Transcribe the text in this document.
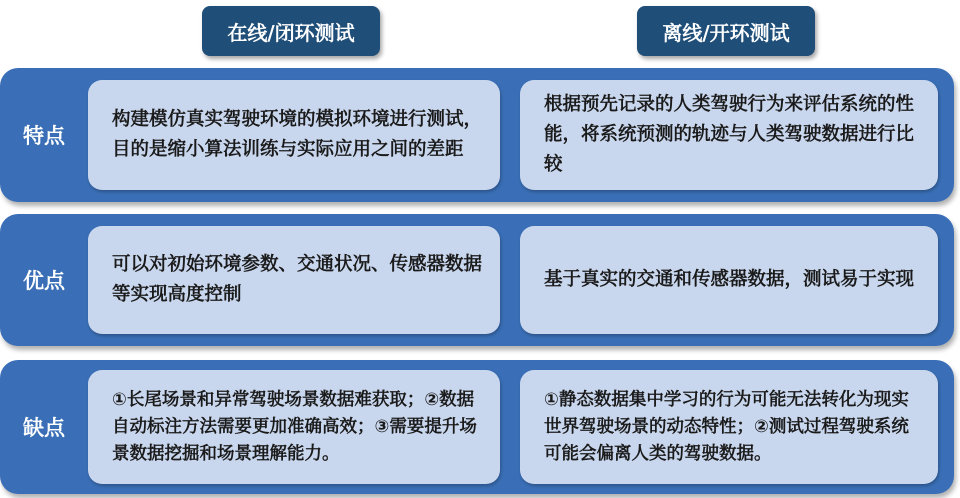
在线/闭环测试	离线/开环测试
特点
构建模仿真实驾驶环境的模拟环境进行测试，目的是缩小算法训练与实际应用之间的差距
根据预先记录的人类驾驶行为来评估系统的性能，将系统预测的轨迹与人类驾驶数据进行比较
优点
可以对初始环境参数、交通状况、传感器数据等实现高度控制
基于真实的交通和传感器数据，测试易于实现
缺点
①长尾场景和异常驾驶场景数据难获取；②数据自动标注方法需要更加准确高效；③需要提升场景数据挖掘和场景理解能力。
①静态数据集中学习的行为可能无法转化为现实世界驾驶场景的动态特性；②测试过程驾驶系统可能会偏离人类的驾驶数据。
